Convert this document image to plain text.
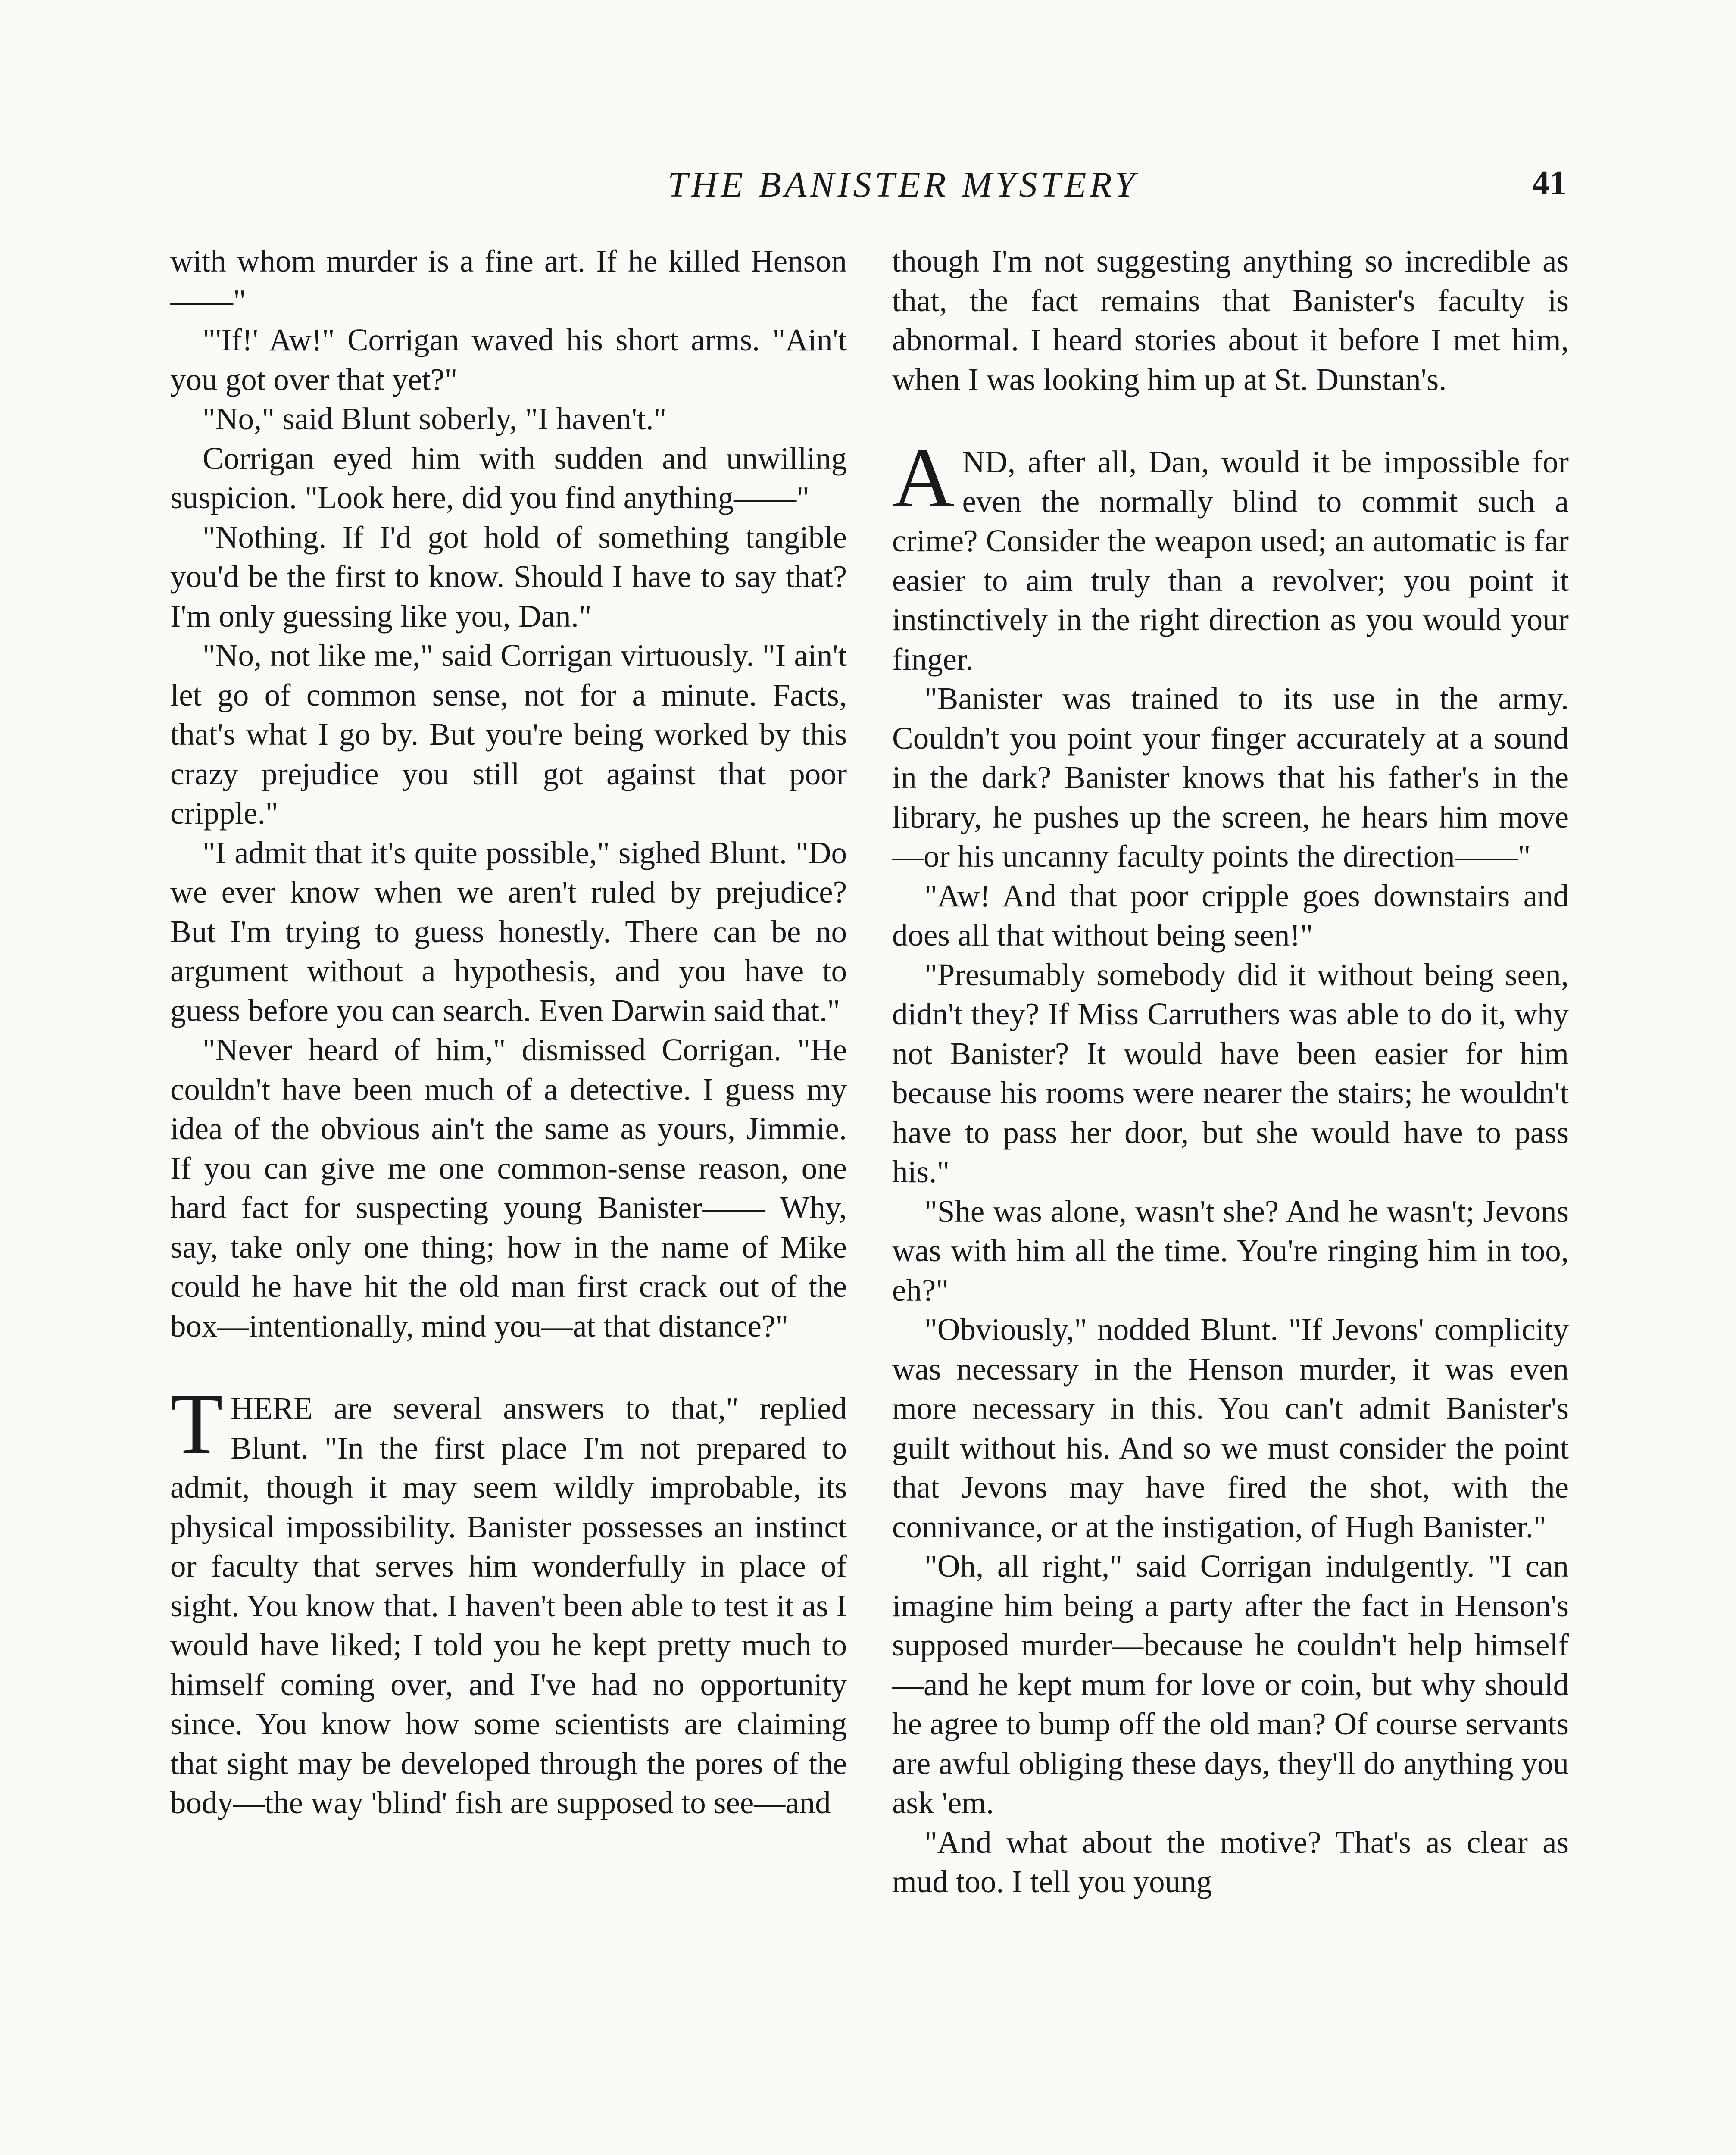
THE BANISTER MYSTERY	41

with whom murder is a fine art. If he killed Henson——"

"'If!' Aw!" Corrigan waved his short arms. "Ain't you got over that yet?"

"No," said Blunt soberly, "I haven't."

Corrigan eyed him with sudden and unwilling suspicion. "Look here, did you find anything——"

"Nothing. If I'd got hold of something tangible you'd be the first to know. Should I have to say that? I'm only guessing like you, Dan."

"No, not like me," said Corrigan virtuously. "I ain't let go of common sense, not for a minute. Facts, that's what I go by. But you're being worked by this crazy prejudice you still got against that poor cripple."

"I admit that it's quite possible," sighed Blunt. "Do we ever know when we aren't ruled by prejudice? But I'm trying to guess honestly. There can be no argument without a hypothesis, and you have to guess before you can search. Even Darwin said that."

"Never heard of him," dismissed Corrigan. "He couldn't have been much of a detective. I guess my idea of the obvious ain't the same as yours, Jimmie. If you can give me one common-sense reason, one hard fact for suspecting young Banister—— Why, say, take only one thing; how in the name of Mike could he have hit the old man first crack out of the box—intentionally, mind you—at that distance?"

THERE are several answers to that," replied Blunt. "In the first place I'm not prepared to admit, though it may seem wildly improbable, its physical impossibility. Banister possesses an instinct or faculty that serves him wonderfully in place of sight. You know that. I haven't been able to test it as I would have liked; I told you he kept pretty much to himself coming over, and I've had no opportunity since. You know how some scientists are claiming that sight may be developed through the pores of the body—the way 'blind' fish are supposed to see—and

though I'm not suggesting anything so incredible as that, the fact remains that Banister's faculty is abnormal. I heard stories about it before I met him, when I was looking him up at St. Dunstan's.

AND, after all, Dan, would it be impossible for even the normally blind to commit such a crime? Consider the weapon used; an automatic is far easier to aim truly than a revolver; you point it instinctively in the right direction as you would your finger.

"Banister was trained to its use in the army. Couldn't you point your finger accurately at a sound in the dark? Banister knows that his father's in the library, he pushes up the screen, he hears him move—or his uncanny faculty points the direction——"

"Aw! And that poor cripple goes downstairs and does all that without being seen!"

"Presumably somebody did it without being seen, didn't they? If Miss Carruthers was able to do it, why not Banister? It would have been easier for him because his rooms were nearer the stairs; he wouldn't have to pass her door, but she would have to pass his."

"She was alone, wasn't she? And he wasn't; Jevons was with him all the time. You're ringing him in too, eh?"

"Obviously," nodded Blunt. "If Jevons' complicity was necessary in the Henson murder, it was even more necessary in this. You can't admit Banister's guilt without his. And so we must consider the point that Jevons may have fired the shot, with the connivance, or at the instigation, of Hugh Banister."

"Oh, all right," said Corrigan indulgently. "I can imagine him being a party after the fact in Henson's supposed murder—because he couldn't help himself—and he kept mum for love or coin, but why should he agree to bump off the old man? Of course servants are awful obliging these days, they'll do anything you ask 'em.

"And what about the motive? That's as clear as mud too. I tell you young
